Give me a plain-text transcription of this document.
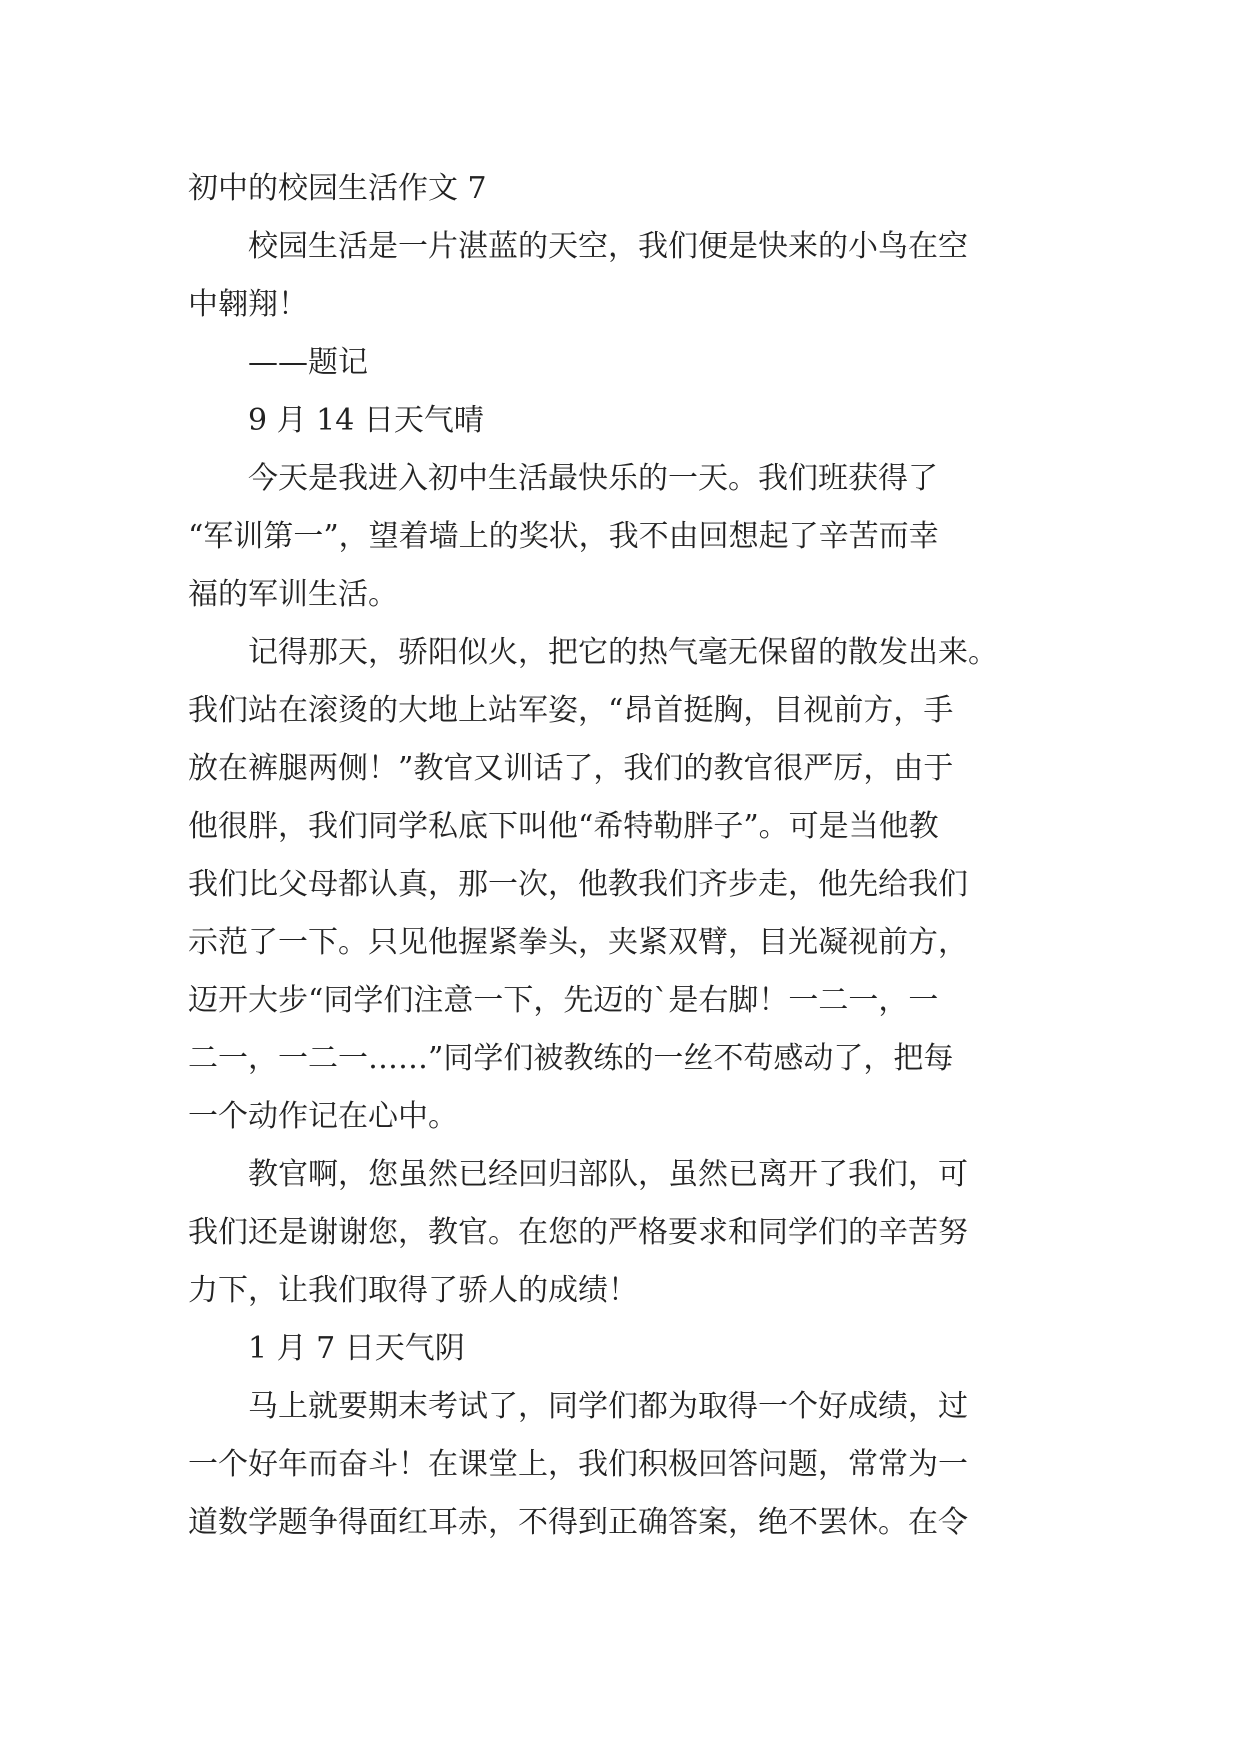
初中的校园生活作文 7

校园生活是一片湛蓝的天空，我们便是快来的小鸟在空

中翱翔！

——题记

9 月 14 日天气晴

今天是我进入初中生活最快乐的一天。我们班获得了

“军训第一”，望着墙上的奖状，我不由回想起了辛苦而幸

福的军训生活。

记得那天，骄阳似火，把它的热气毫无保留的散发出来。

我们站在滚烫的大地上站军姿，“昂首挺胸，目视前方，手

放在裤腿两侧！”教官又训话了，我们的教官很严厉，由于

他很胖，我们同学私底下叫他“希特勒胖子”。可是当他教

我们比父母都认真，那一次，他教我们齐步走，他先给我们

示范了一下。只见他握紧拳头，夹紧双臂，目光凝视前方，

迈开大步“同学们注意一下，先迈的`是右脚！一二一，一

二一，一二一……”同学们被教练的一丝不苟感动了，把每

一个动作记在心中。

教官啊，您虽然已经回归部队，虽然已离开了我们，可

我们还是谢谢您，教官。在您的严格要求和同学们的辛苦努

力下，让我们取得了骄人的成绩！

1 月 7 日天气阴

马上就要期末考试了，同学们都为取得一个好成绩，过

一个好年而奋斗！在课堂上，我们积极回答问题，常常为一

道数学题争得面红耳赤，不得到正确答案，绝不罢休。在令
